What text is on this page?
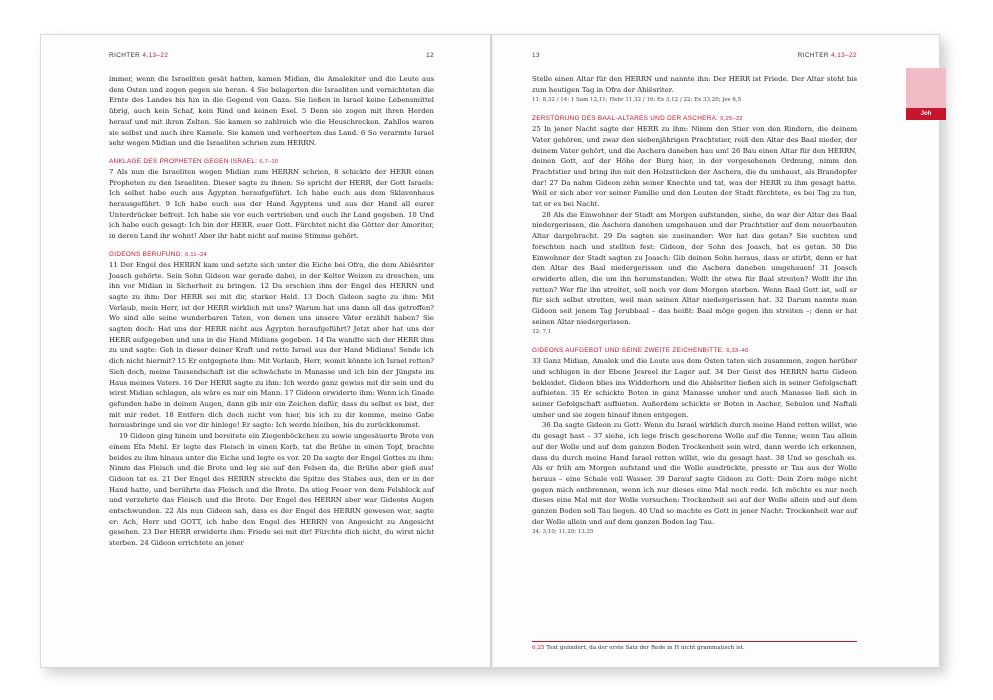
Joh
RICHTER 4,13–22	12

immer, wenn die Israeliten gesät hatten, kamen Midian, die Amalekiter und die Leute aus dem Osten und zogen gegen sie heran. 4 Sie belagerten die Israeliten und vernichteten die Ernte des Landes bis hin in die Gegend von Gaza. Sie ließen in Israel keine Lebensmittel übrig, auch kein Schaf, kein Rind und keinen Esel. 5 Denn sie zogen mit ihren Herden herauf und mit ihren Zelten. Sie kamen so zahlreich wie die Heuschrecken. Zahllos waren sie selbst und auch ihre Kamele. Sie kamen und verheerten das Land. 6 So verarmte Israel sehr wegen Midian und die Israeliten schrien zum HERRN.

ANKLAGE DES PROPHETEN GEGEN ISRAEL: 6,7–10

7 Als nun die Israeliten wegen Midian zum HERRN schrien, 8 schickte der HERR einen Propheten zu den Israeliten. Dieser sagte zu ihnen: So spricht der HERR, der Gott Israels: Ich selbst habe euch aus Ägypten heraufgeführt. Ich habe euch aus dem Sklavenhaus herausgeführt. 9 Ich habe euch aus der Hand Ägyptens und aus der Hand all eurer Unterdrücker befreit. Ich habe sie vor euch vertrieben und euch ihr Land gegeben. 10 Und ich habe euch gesagt: Ich bin der HERR, euer Gott. Fürchtet nicht die Götter der Amoriter, in deren Land ihr wohnt! Aber ihr habt nicht auf meine Stimme gehört.

GIDEONS BERUFUNG: 6,11–24

11 Der Engel des HERRN kam und setzte sich unter die Eiche bei Ofra, die dem Abiësriter Joasch gehörte. Sein Sohn Gideon war gerade dabei, in der Kelter Weizen zu dreschen, um ihn vor Midian in Sicherheit zu bringen. 12 Da erschien ihm der Engel des HERRN und sagte zu ihm: Der HERR sei mit dir, starker Held. 13 Doch Gideon sagte zu ihm: Mit Verlaub, mein Herr, ist der HERR wirklich mit uns? Warum hat uns dann all das getroffen? Wo sind alle seine wunderbaren Taten, von denen uns unsere Väter erzählt haben? Sie sagten doch: Hat uns der HERR nicht aus Ägypten heraufgeführt? Jetzt aber hat uns der HERR aufgegeben und uns in die Hand Midians gegeben. 14 Da wandte sich der HERR ihm zu und sagte: Geh in dieser deiner Kraft und rette Israel aus der Hand Midians! Sende ich dich nicht hiermit? 15 Er entgegnete ihm: Mit Verlaub, Herr, womit könnte ich Israel retten? Sieh doch, meine Tausendschaft ist die schwächste in Manasse und ich bin der Jüngste im Haus meines Vaters. 16 Der HERR sagte zu ihm: Ich werde ganz gewiss mit dir sein und du wirst Midian schlagen, als wäre es nur ein Mann. 17 Gideon erwiderte ihm: Wenn ich Gnade gefunden habe in deinen Augen, dann gib mir ein Zeichen dafür, dass du selbst es bist, der mit mir redet. 18 Entfern dich doch nicht von hier, bis ich zu dir komme, meine Gabe herausbringe und sie vor dir hinlege! Er sagte: Ich werde bleiben, bis du zurückkommst.

19 Gideon ging hinein und bereitete ein Ziegenböckchen zu sowie ungesäuerte Brote von einem Efa Mehl. Er legte das Fleisch in einen Korb, tat die Brühe in einen Topf, brachte beides zu ihm hinaus unter die Eiche und legte es vor. 20 Da sagte der Engel Gottes zu ihm: Nimm das Fleisch und die Brote und leg sie auf den Felsen da, die Brühe aber gieß aus! Gideon tat es. 21 Der Engel des HERRN streckte die Spitze des Stabes aus, den er in der Hand hatte, und berührte das Fleisch und die Brote. Da stieg Feuer von dem Felsblock auf und verzehrte das Fleisch und die Brote. Der Engel des HERRN aber war Gideons Augen entschwunden. 22 Als nun Gideon sah, dass es der Engel des HERRN gewesen war, sagte er: Ach, Herr und GOTT, ich habe den Engel des HERRN von Angesicht zu Angesicht gesehen. 23 Der HERR erwiderte ihm: Friede sei mit dir! Fürchte dich nicht, du wirst nicht sterben. 24 Gideon errichtete an jener

13	RICHTER 4,13–22

Stelle einen Altar für den HERRN und nannte ihn: Der HERR ist Friede. Der Altar steht bis zum heutigen Tag in Ofra der Abiësriter.

11: 8,32 / 14: 1 Sam 12,11; Hebr 11,32 / 16: Ex 3,12 / 22: Ex 33,20; Jes 6,5
ZERSTÖRUNG DES BAAL-ALTARES UND DER ASCHERA: 6,25–32

25 In jener Nacht sagte der HERR zu ihm: Nimm den Stier von den Rindern, die deinem Vater gehören, und zwar den siebenjährigen Prachtstier, reiß den Altar des Baal nieder, der deinem Vater gehört, und die Aschera daneben hau um! 26 Bau einen Altar für den HERRN, deinen Gott, auf der Höhe der Burg hier, in der vorgesehenen Ordnung, nimm den Prachtstier und bring ihn mit den Holzstücken der Aschera, die du umhaust, als Brandopfer dar! 27 Da nahm Gideon zehn seiner Knechte und tat, was der HERR zu ihm gesagt hatte. Weil er sich aber vor seiner Familie und den Leuten der Stadt fürchtete, es bei Tag zu tun, tat er es bei Nacht.

28 Als die Einwohner der Stadt am Morgen aufstanden, siehe, da war der Altar des Baal niedergerissen, die Aschera daneben umgehauen und der Prachtstier auf dem neuerbauten Altar dargebracht. 29 Da sagten sie zueinander: Wer hat das getan? Sie suchten und forschten nach und stellten fest: Gideon, der Sohn des Joasch, hat es getan. 30 Die Einwohner der Stadt sagten zu Joasch: Gib deinen Sohn heraus, dass er stirbt, denn er hat den Altar des Baal niedergerissen und die Aschera daneben umgehauen! 31 Joasch erwiderte allen, die um ihn herumstanden: Wollt ihr etwa für Baal streiten? Wollt ihr ihn retten? Wer für ihn streitet, soll noch vor dem Morgen sterben. Wenn Baal Gott ist, soll er für sich selbst streiten, weil man seinen Altar niedergerissen hat. 32 Darum nannte man Gideon seit jenem Tag Jerubbaal – das heißt: Baal möge gegen ihn streiten –; denn er hat seinen Altar niedergerissen.

32: 7,1
GIDEONS AUFGEBOT UND SEINE ZWEITE ZEICHENBITTE: 6,33–40

33 Ganz Midian, Amalek und die Leute aus dem Osten taten sich zusammen, zogen herüber und schlugen in der Ebene Jesreel ihr Lager auf. 34 Der Geist des HERRN hatte Gideon bekleidet. Gideon blies ins Widderhorn und die Abiësriter ließen sich in seiner Gefolgschaft aufbieten. 35 Er schickte Boten in ganz Manasse umher und auch Manasse ließ sich in seiner Gefolgschaft aufbieten. Außerdem schickte er Boten in Ascher, Sebulon und Naftali umher und sie zogen hinauf ihnen entgegen.

36 Da sagte Gideon zu Gott: Wenn du Israel wirklich durch meine Hand retten willst, wie du gesagt hast – 37 siehe, ich lege frisch geschorene Wolle auf die Tenne; wenn Tau allein auf der Wolle und auf dem ganzen Boden Trockenheit sein wird, dann werde ich erkennen, dass du durch meine Hand Israel retten willst, wie du gesagt hast. 38 Und so geschah es. Als er früh am Morgen aufstand und die Wolle ausdrückte, presste er Tau aus der Wolle heraus – eine Schale voll Wasser. 39 Darauf sagte Gideon zu Gott: Dein Zorn möge nicht gegen mich entbrennen, wenn ich nur dieses eine Mal noch rede. Ich möchte es nur noch dieses eine Mal mit der Wolle versuchen: Trockenheit sei auf der Wolle allein und auf dem ganzen Boden soll Tau liegen. 40 Und so machte es Gott in jener Nacht: Trockenheit war auf der Wolle allein und auf dem ganzen Boden lag Tau.

34: 3,10; 11,29; 13,25
6,25 Text geändert, da der erste Satz der Rede in H nicht grammatisch ist.
